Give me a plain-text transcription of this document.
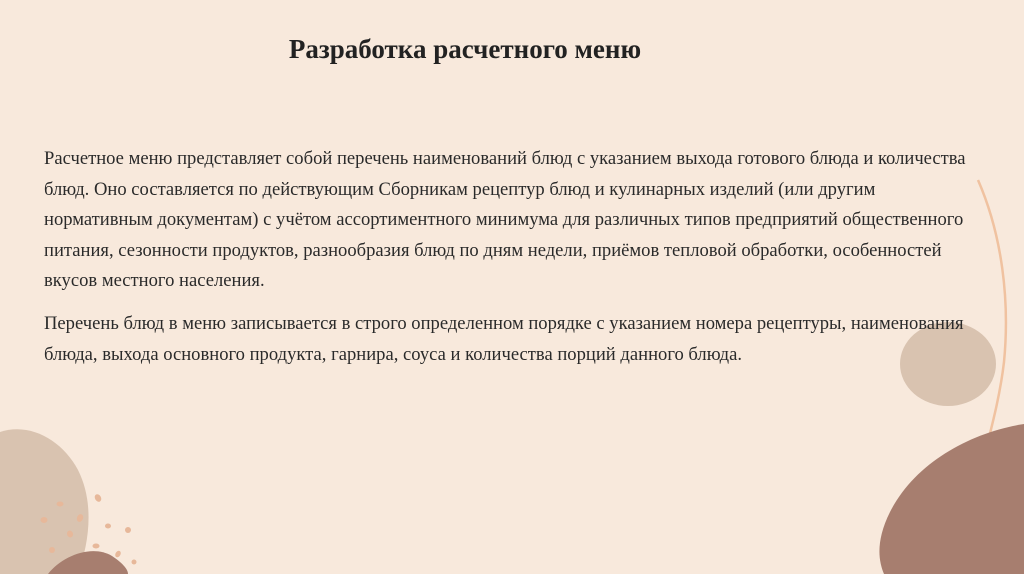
Разработка расчетного меню

Расчетное меню представляет собой перечень наименований блюд с указанием выхода готового блюда и количества блюд. Оно составляется по действующим Сборникам рецептур блюд и кулинарных изделий (или другим нормативным документам) с учётом ассортиментного минимума для различных типов предприятий общественного питания, сезонности продуктов, разнообразия блюд по дням недели, приёмов тепловой обработки, особенностей вкусов местного населения.

Перечень блюд в меню записывается в строго определенном порядке с указанием номера рецептуры, наименования блюда, выхода основного продукта, гарнира, соуса и количества порций данного блюда.
